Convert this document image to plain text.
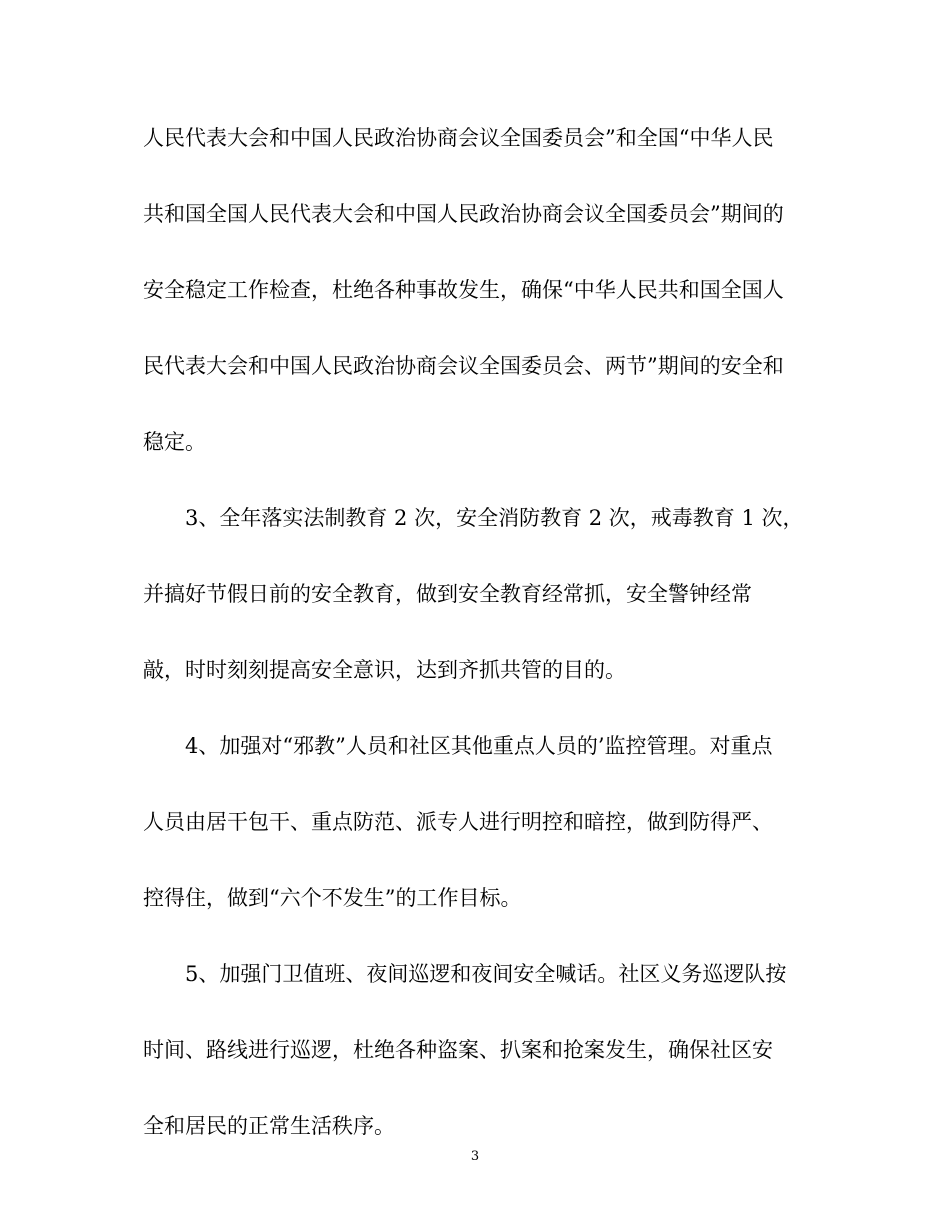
人民代表大会和中国人民政治协商会议全国委员会”和全国“中华人民
共和国全国人民代表大会和中国人民政治协商会议全国委员会”期间的
安全稳定工作检查，杜绝各种事故发生，确保“中华人民共和国全国人
民代表大会和中国人民政治协商会议全国委员会、两节”期间的安全和
稳定。
3、全年落实法制教育 2 次，安全消防教育 2 次，戒毒教育 1 次，
并搞好节假日前的安全教育，做到安全教育经常抓，安全警钟经常
敲，时时刻刻提高安全意识，达到齐抓共管的目的。
4、加强对“邪教”人员和社区其他重点人员的’监控管理。对重点
人员由居干包干、重点防范、派专人进行明控和暗控，做到防得严、
控得住，做到“六个不发生”的工作目标。
5、加强门卫值班、夜间巡逻和夜间安全喊话。社区义务巡逻队按
时间、路线进行巡逻，杜绝各种盗案、扒案和抢案发生，确保社区安
全和居民的正常生活秩序。
3
